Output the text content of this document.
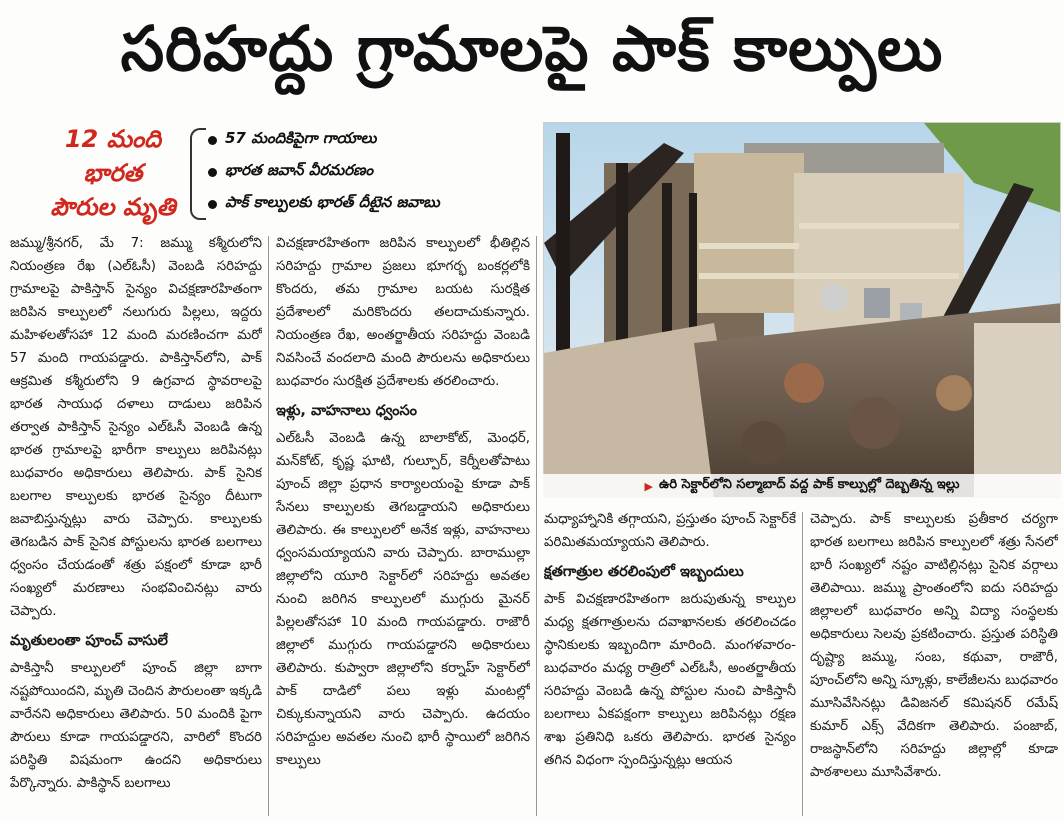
సరిహద్దు గ్రామాలపై పాక్ కాల్పులు
12 మంది
భారత
పౌరుల మృతి
57 మందికిపైగా గాయాలు
భారత జవాన్ వీరమరణం
పాక్ కాల్పులకు భారత్ దీటైన జవాబు

జమ్ము/శ్రీనగర్, మే 7: జమ్ము కశ్మీరులోని నియంత్రణ రేఖ (ఎల్ఓసీ) వెంబడి సరిహద్దు గ్రామాలపై పాకిస్తాన్ సైన్యం విచక్షణారహితంగా జరిపిన కాల్పులలో నలుగురు పిల్లలు, ఇద్దరు మహిళలతోసహా 12 మంది మరణించగా మరో 57 మంది గాయపడ్డారు. పాకిస్తాన్‌లోని, పాక్ ఆక్రమిత కశ్మీరులోని 9 ఉగ్రవాద స్థావరాలపై భారత సాయుధ దళాలు దాడులు జరిపిన తర్వాత పాకిస్తాన్ సైన్యం ఎల్ఓసీ వెంబడి ఉన్న భారత గ్రామాలపై భారీగా కాల్పులు జరిపినట్లు బుధవారం అధికారులు తెలిపారు. పాక్ సైనిక బలగాల కాల్పులకు భారత సైన్యం దీటుగా జవాబిస్తున్నట్లు వారు చెప్పారు. కాల్పులకు తెగబడిన పాక్ సైనిక పోస్టులను భారత బలగాలు ధ్వంసం చేయడంతో శత్రు పక్షంలో కూడా భారీ సంఖ్యలో మరణాలు సంభవించినట్లు వారు చెప్పారు.

మృతులంతా పూంచ్ వాసులే

పాకిస్తానీ కాల్పులలో పూంచ్ జిల్లా బాగా నష్టపోయిందని, మృతి చెందిన పౌరులంతా ఇక్కడి వారేనని అధికారులు తెలిపారు. 50 మందికి పైగా పౌరులు కూడా గాయపడ్డారని, వారిలో కొందరి పరిస్థితి విషమంగా ఉందని అధికారులు పేర్కొన్నారు. పాకిస్థాన్ బలగాలు

విచక్షణారహితంగా జరిపిన కాల్పులలో భీతిల్లిన సరిహద్దు గ్రామాల ప్రజలు భూగర్భ బంకర్లలోకి కొందరు, తమ గ్రామాల బయట సురక్షిత ప్రదేశాలలో మరికొందరు తలదాచుకున్నారు. నియంత్రణ రేఖ, అంతర్జాతీయ సరిహద్దు వెంబడి నివసించే వందలాది మంది పౌరులను అధికారులు బుధవారం సురక్షిత ప్రదేశాలకు తరలించారు.

ఇళ్లు, వాహనాలు ధ్వంసం

ఎల్ఓసీ వెంబడి ఉన్న బాలాకోట్, మెంధర్, మన్‌కోట్, కృష్ణ ఘాటి, గుల్పూర్, కెర్నీలతోపాటు పూంచ్ జిల్లా ప్రధాన కార్యాలయంపై కూడా పాక్ సేనలు కాల్పులకు తెగబడ్డాయని అధికారులు తెలిపారు. ఈ కాల్పులలో అనేక ఇళ్లు, వాహనాలు ధ్వంసమయ్యాయని వారు చెప్పారు. బారాముల్లా జిల్లాలోని యూరి సెక్టార్‌లో సరిహద్దు అవతల నుంచి జరిగిన కాల్పులలో ముగ్గురు మైనర్ పిల్లలతోసహా 10 మంది గాయపడ్డారు. రాజౌరీ జిల్లాలో ముగ్గురు గాయపడ్డారని అధికారులు తెలిపారు. కుప్వారా జిల్లాలోని కర్నాహ్ సెక్టార్‌లో పాక్ దాడిలో పలు ఇళ్లు మంటల్లో చిక్కుకున్నాయని వారు చెప్పారు. ఉదయం సరిహద్దుల అవతల నుంచి భారీ స్థాయిలో జరిగిన కాల్పులు

▶ ఉరి సెక్టార్‌లోని సల్మాబాద్ వద్ద పాక్ కాల్పుల్లో దెబ్బతిన్న ఇల్లు

మధ్యాహ్నానికి తగ్గాయని, ప్రస్తుతం పూంచ్ సెక్టార్‌కే పరిమితమయ్యాయని తెలిపారు.

క్షతగాత్రుల తరలింపులో ఇబ్బందులు

పాక్ విచక్షణారహితంగా జరుపుతున్న కాల్పుల మధ్య క్షతగాత్రులను దవాఖానలకు తరలించడం స్థానికులకు ఇబ్బందిగా మారింది. మంగళవారం-బుధవారం మధ్య రాత్రిలో ఎల్ఓసీ, అంతర్జాతీయ సరిహద్దు వెంబడి ఉన్న పోస్టుల నుంచి పాకిస్తానీ బలగాలు ఏకపక్షంగా కాల్పులు జరిపినట్లు రక్షణ శాఖ ప్రతినిధి ఒకరు తెలిపారు. భారత సైన్యం తగిన విధంగా స్పందిస్తున్నట్లు ఆయన

చెప్పారు. పాక్ కాల్పులకు ప్రతీకార చర్యగా భారత బలగాలు జరిపిన కాల్పులలో శత్రు సేనలో భారీ సంఖ్యలో నష్టం వాటిల్లినట్లు సైనిక వర్గాలు తెలిపాయి. జమ్ము ప్రాంతంలోని ఐదు సరిహద్దు జిల్లాలలో బుధవారం అన్ని విద్యా సంస్థలకు అధికారులు సెలవు ప్రకటించారు. ప్రస్తుత పరిస్థితి దృష్ట్యా జమ్ము, సంబ, కథువా, రాజౌరీ, పూంచ్‌లోని అన్ని స్కూళ్లు, కాలేజీలను బుధవారం మూసివేసినట్లు డివిజనల్ కమిషనర్ రమేష్ కుమార్ ఎక్స్ వేదికగా తెలిపారు. పంజాబ్, రాజస్థాన్‌లోని సరిహద్దు జిల్లాల్లో కూడా పాఠశాలలు మూసివేశారు.
